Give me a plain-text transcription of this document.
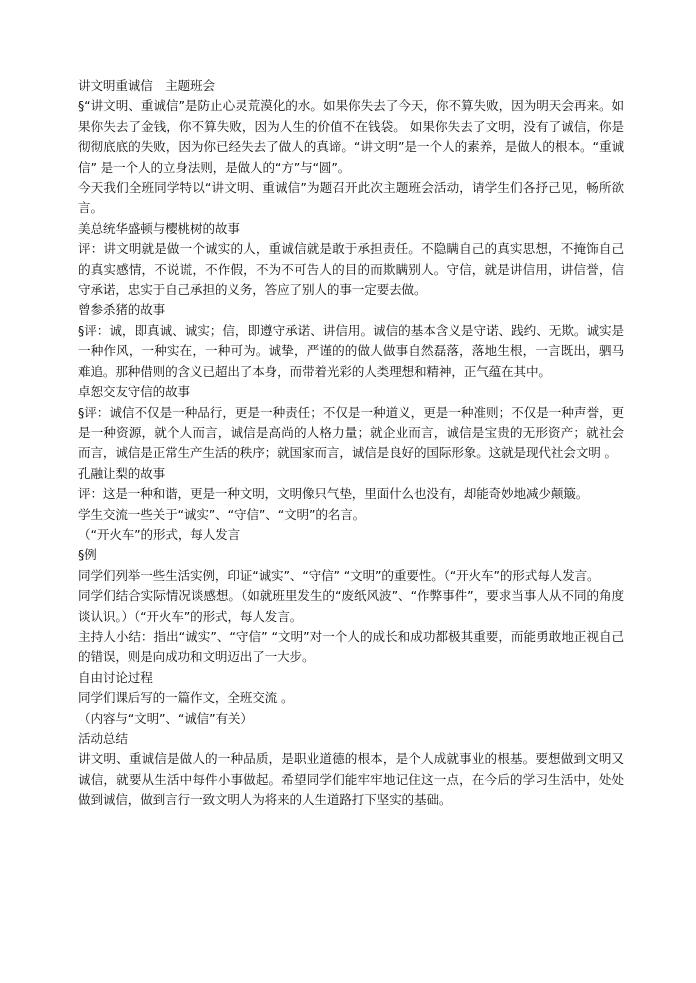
讲文明重诚信　主题班会

§“讲文明、重诚信”是防止心灵荒漠化的水。如果你失去了今天，你不算失败，因为明天会再来。如果你失去了金钱，你不算失败，因为人生的价值不在钱袋。 如果你失去了文明，没有了诚信，你是彻彻底底的失败，因为你已经失去了做人的真谛。“讲文明”是一个人的素养，是做人的根本。“重诚信” 是一个人的立身法则，是做人的“方”与“圆”。

今天我们全班同学特以“讲文明、重诚信”为题召开此次主题班会活动，请学生们各抒己见，畅所欲言。

美总统华盛顿与樱桃树的故事

评：讲文明就是做一个诚实的人，重诚信就是敢于承担责任。不隐瞒自己的真实思想，不掩饰自己的真实感情，不说谎，不作假，不为不可告人的目的而欺瞒别人。守信，就是讲信用，讲信誉，信守承诺，忠实于自己承担的义务，答应了别人的事一定要去做。

曾参杀猪的故事

§评：诚，即真诚、诚实；信，即遵守承诺、讲信用。诚信的基本含义是守诺、践约、无欺。诚实是一种作风，一种实在，一种可为。诚挚，严谨的的做人做事自然磊落，落地生根，一言既出，驷马难追。那种借则的含义已超出了本身，而带着光彩的人类理想和精神，正气蕴在其中。

卓恕交友守信的故事

§评：诚信不仅是一种品行，更是一种责任；不仅是一种道义，更是一种准则；不仅是一种声誉，更是一种资源，就个人而言，诚信是高尚的人格力量；就企业而言，诚信是宝贵的无形资产；就社会而言，诚信是正常生产生活的秩序；就国家而言，诚信是良好的国际形象。这就是现代社会文明 。

孔融让梨的故事

评：这是一种和谐，更是一种文明，文明像只气垫，里面什么也没有，却能奇妙地减少颠簸。

学生交流一些关于“诚实”、“守信”、“文明”的名言。

（“开火车”的形式，每人发言

§例

同学们列举一些生活实例，印证“诚实”、“守信” “文明”的重要性。（“开火车”的形式每人发言。

同学们结合实际情况谈感想。（如就班里发生的“废纸风波”、“作弊事件”，要求当事人从不同的角度谈认识。）（“开火车”的形式，每人发言。

主持人小结：指出“诚实”、“守信” “文明”对一个人的成长和成功都极其重要，而能勇敢地正视自己的错误，则是向成功和文明迈出了一大步。

自由讨论过程

同学们课后写的一篇作文，全班交流 。

（内容与“文明”、“诚信”有关）

活动总结

讲文明、重诚信是做人的一种品质，是职业道德的根本，是个人成就事业的根基。要想做到文明又诚信，就要从生活中每件小事做起。希望同学们能牢牢地记住这一点，在今后的学习生活中，处处做到诚信，做到言行一致文明人为将来的人生道路打下坚实的基础。
